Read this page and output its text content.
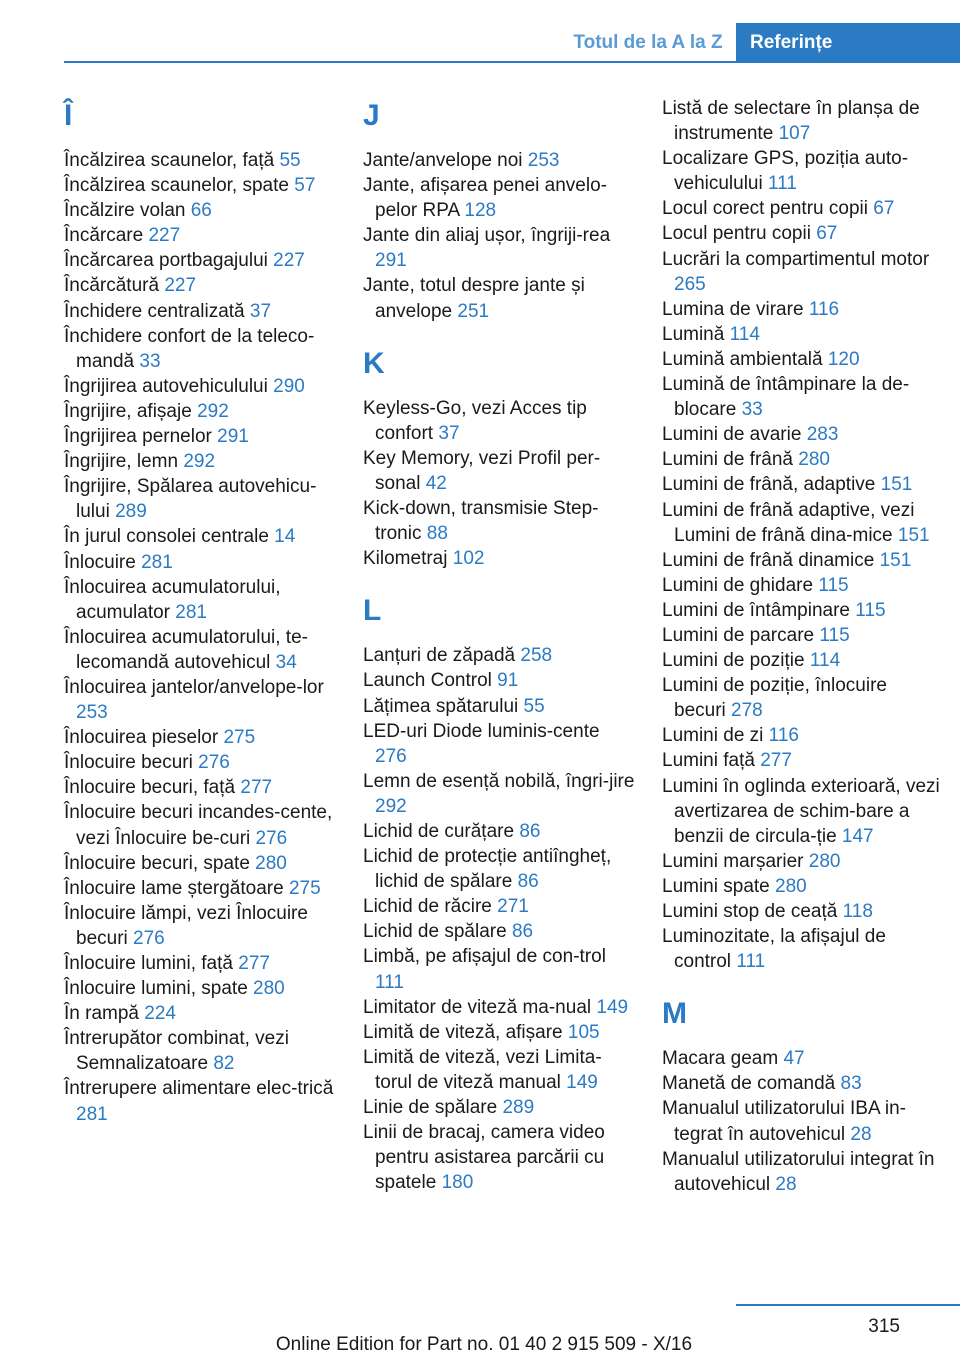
Totul de la A la Z	Referințe
Î

Încălzirea scaunelor, față 55

Încălzirea scaunelor, spate 57

Încălzire volan 66

Încărcare 227

Încărcarea portbagajului 227

Încărcătură 227

Închidere centralizată 37

Închidere confort de la teleco-mandă 33

Îngrijirea autovehiculului 290

Îngrijire, afișaje 292

Îngrijirea pernelor 291

Îngrijire, lemn 292

Îngrijire, Spălarea autovehicu-lului 289

În jurul consolei centrale 14

Înlocuire 281

Înlocuirea acumulatorului, acumulator 281

Înlocuirea acumulatorului, te-lecomandă autovehicul 34

Înlocuirea jantelor/anvelope-lor 253

Înlocuirea pieselor 275

Înlocuire becuri 276

Înlocuire becuri, față 277

Înlocuire becuri incandes-cente, vezi Înlocuire be-curi 276

Înlocuire becuri, spate 280

Înlocuire lame ștergătoare 275

Înlocuire lămpi, vezi Înlocuire becuri 276

Înlocuire lumini, față 277

Înlocuire lumini, spate 280

În rampă 224

Întrerupător combinat, vezi Semnalizatoare 82

Întrerupere alimentare elec-trică 281

J

Jante/anvelope noi 253

Jante, afișarea penei anvelo-pelor RPA 128

Jante din aliaj ușor, îngriji-rea 291

Jante, totul despre jante și anvelope 251

K

Keyless-Go, vezi Acces tip confort 37

Key Memory, vezi Profil per-sonal 42

Kick-down, transmisie Step-tronic 88

Kilometraj 102

L

Lanțuri de zăpadă 258

Launch Control 91

Lățimea spătarului 55

LED-uri Diode luminis-cente 276

Lemn de esență nobilă, îngri-jire 292

Lichid de curățare 86

Lichid de protecție antiîngheț, lichid de spălare 86

Lichid de răcire 271

Lichid de spălare 86

Limbă, pe afișajul de con-trol 111

Limitator de viteză ma-nual 149

Limită de viteză, afișare 105

Limită de viteză, vezi Limita-torul de viteză manual 149

Linie de spălare 289

Linii de bracaj, camera video pentru asistarea parcării cu spatele 180

Listă de selectare în planșa de instrumente 107

Localizare GPS, poziția auto-vehiculului 111

Locul corect pentru copii 67

Locul pentru copii 67

Lucrări la compartimentul motor 265

Lumina de virare 116

Lumină 114

Lumină ambientală 120

Lumină de întâmpinare la de-blocare 33

Lumini de avarie 283

Lumini de frână 280

Lumini de frână, adaptive 151

Lumini de frână adaptive, vezi Lumini de frână dina-mice 151

Lumini de frână dinamice 151

Lumini de ghidare 115

Lumini de întâmpinare 115

Lumini de parcare 115

Lumini de poziție 114

Lumini de poziție, înlocuire becuri 278

Lumini de zi 116

Lumini față 277

Lumini în oglinda exterioară, vezi avertizarea de schim-bare a benzii de circula-ție 147

Lumini marșarier 280

Lumini spate 280

Lumini stop de ceață 118

Luminozitate, la afișajul de control 111

M

Macara geam 47

Manetă de comandă 83

Manualul utilizatorului IBA in-tegrat în autovehicul 28

Manualul utilizatorului integrat în autovehicul 28

315
Online Edition for Part no. 01 40 2 915 509 - X/16
